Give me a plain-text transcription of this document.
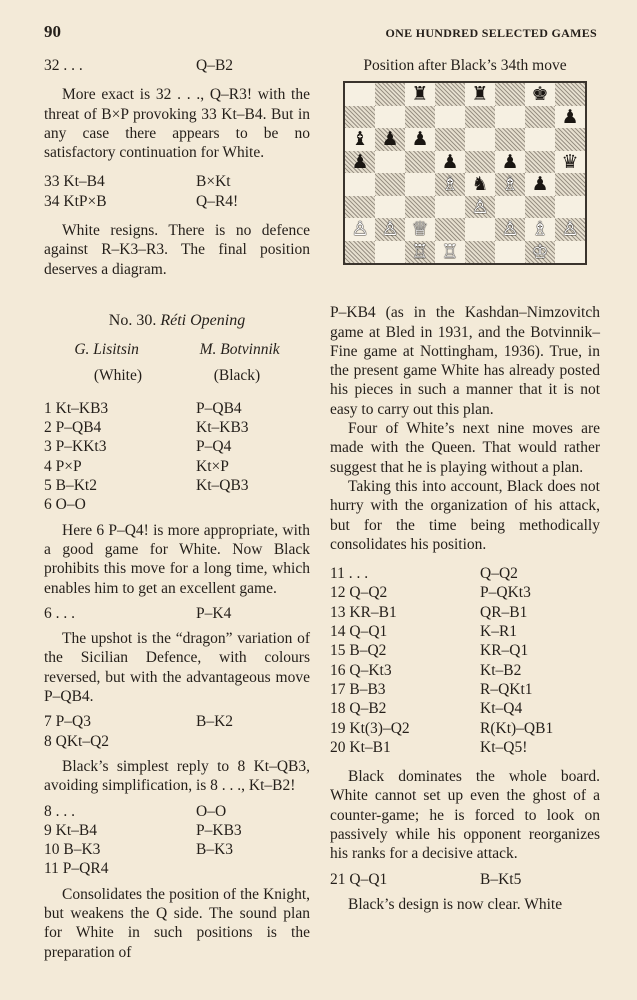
90	ONE HUNDRED SELECTED GAMES
32 . . .	Q–B2

More exact is 32 . . ., Q–R3! with the threat of B×P provoking 33 Kt–B4. But in any case there appears to be no satisfactory continuation for White.

33 Kt–B4	B×Kt
34 KtP×B	Q–R4!

White resigns. There is no defence against R–K3–R3. The final position deserves a diagram.

No. 30. Réti Opening
G. Lisitsin	M. Botvinnik
(White)	(Black)
1 Kt–KB3	P–QB4
2 P–QB4	Kt–KB3
3 P–KKt3	P–Q4
4 P×P	Kt×P
5 B–Kt2	Kt–QB3
6 O–O

Here 6 P–Q4! is more appropriate, with a good game for White. Now Black prohibits this move for a long time, which enables him to get an excellent game.

6 . . .	P–K4

The upshot is the “dragon” variation of the Sicilian Defence, with colours reversed, but with the advantageous move P–QB4.

7 P–Q3	B–K2
8 QKt–Q2

Black’s simplest reply to 8 Kt–QB3, avoiding simplification, is 8 . . ., Kt–B2!

8 . . .	O–O
9 Kt–B4	P–KB3
10 B–K3	B–K3
11 P–QR4

Consolidates the position of the Knight, but weakens the Q side. The sound plan for White in such positions is the preparation of

Position after Black’s 34th move
♜	♜	♚
♟
♝ ♟ ♟
♟	♟	♟	♛
♗ ♞ ♗ ♟
♙
♙ ♙ ♕	♙ ♗ ♙
♖ ♖	♔

P–KB4 (as in the Kashdan–Nimzovitch game at Bled in 1931, and the Botvinnik–Fine game at Nottingham, 1936). True, in the present game White has already posted his pieces in such a manner that it is not easy to carry out this plan.

Four of White’s next nine moves are made with the Queen. That would rather suggest that he is playing without a plan.

Taking this into account, Black does not hurry with the organization of his attack, but for the time being methodically consolidates his position.

11 . . .	Q–Q2
12 Q–Q2	P–QKt3
13 KR–B1	QR–B1
14 Q–Q1	K–R1
15 B–Q2	KR–Q1
16 Q–Kt3	Kt–B2
17 B–B3	R–QKt1
18 Q–B2	Kt–Q4
19 Kt(3)–Q2	R(Kt)–QB1
20 Kt–B1	Kt–Q5!

Black dominates the whole board. White cannot set up even the ghost of a counter-game; he is forced to look on passively while his opponent reorganizes his ranks for a decisive attack.

21 Q–Q1	B–Kt5

Black’s design is now clear. White
